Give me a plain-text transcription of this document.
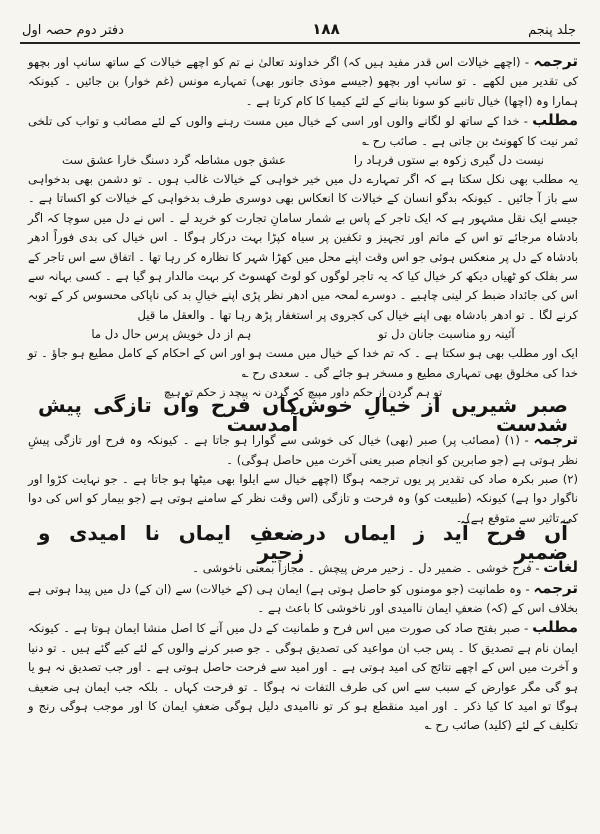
جلد پنجم
۱۸۸
دفتر دوم حصہ اول

ترجمہ - (اچھے خیالات اس قدر مفید ہیں کہ) اگر خداوند تعالیٰ نے تم کو اچھے خیالات کے ساتھ سانپ اور بچھو کی تقدیر میں لکھے ۔ تو سانپ اور بچھو (جیسے موذی جانور بھی) تمہارے مونس (غم خوار) بن جائیں ۔ کیونکہ ہمارا وہ (اچھا) خیال تانبے کو سونا بنانے کے لئے کیمیا کا کام کرتا ہے ۔

مطلب - خدا کے ساتھ لو لگانے والوں اور اسی کے خیال میں مست رہنے والوں کے لئے مصائب و تواب کی تلخی ثمر نیت کا کھونٹ بن جاتی ہے ۔ صائب رح ؎

نیست دل گیری زکوہ بے ستوں فرہاد را
عشق جوں مشاطہ گرد دسنگ خارا عشق ست

یہ مطلب بھی نکل سکتا ہے کہ اگر تمہارے دل میں خیر خواہی کے خیالات غالب ہوں ۔ تو دشمن بھی بدخواہی سے باز آ جائیں ۔ کیونکہ بدگو انسان کے خیالات کا انعکاس بھی دوسری طرف بدخواہی کے خیالات کو اکساتا ہے ۔ جیسے ایک نقل مشہور ہے کہ ایک تاجر کے پاس بے شمار سامانِ تجارت کو خرید لے ۔ اس نے دل میں سوچا کہ اگر بادشاہ مرجائے تو اس کے ماتم اور تجہیز و تکفین پر سیاہ کپڑا بہت درکار ہوگا ۔ اس خیال کی بدی فوراً ادھر بادشاہ کے دل پر منعکس ہوئی جو اس وقت اپنے محل میں کھڑا شہر کا نظارہ کر رہا تھا ۔ اتفاق سے اس تاجر کے سر بفلک کو ٹھیاں دیکھ کر خیال کیا کہ یہ تاجر لوگوں کو لوٹ کھسوٹ کر بہت مالدار ہو گیا ہے ۔ کسی بہانہ سے اس کی جائداد ضبط کر لینی چاہیے ۔ دوسرے لمحہ میں ادھر نظر پڑی اپنے خیالِ بد کی ناپاکی محسوس کر کے توبہ کرنے لگا ۔ تو ادھر بادشاہ بھی اپنے خیال کی کجروی پر استغفار پڑھ رہا تھا ۔ والعقل ما قیل

آئینہ رو مناسبت جانان دل تو
ہم از دل خویش پرس حال دل ما

ایک اور مطلب بھی ہو سکتا ہے ۔ کہ تم خدا کے خیال میں مست ہو اور اس کے احکام کے کامل مطیع ہو جاؤ ۔ تو خدا کی مخلوق بھی تمہاری مطیع و مسخر ہو جائے گی ۔ سعدی رح ؎

تو ہم گردن از حکم داور مپیچ کہ گردن نہ پیچد ز حکم تو ہیچ
صبر شیریں از خیالِ خوش شدست
کاں فرح واں تازگی پیش آمدست

ترجمہ - (۱) (مصائب پر) صبر (بھی) خیال کی خوشی سے گوارا ہو جاتا ہے ۔ کیونکہ وہ فرح اور تازگی پیشِ نظر ہوتی ہے (جو صابرین کو انجام صبر یعنی آخرت میں حاصل ہوگی) ۔

(۲) صبر بکرہ صاد کی تقدیر پر یوں ترجمہ ہوگا (اچھے خیال سے ایلوا بھی میٹھا ہو جاتا ہے ۔ جو نہایت کڑوا اور ناگوار دوا ہے) کیونکہ (طبیعت کو) وہ فرحت و تازگی (اس وقت نظر کے سامنے ہوتی ہے (جو بیمار کو اس کی دوا کی تاثیر سے متوقع ہے) ۔

آں فرح آید ز ایماں در ضمیر
ضعفِ ایماں نا امیدی و زحیر

لغات - فرح خوشی ۔ ضمیر دل ۔ زحیر مرض پیچش ۔ مجازاً بمعنی ناخوشی ۔

ترجمہ - وہ طمانیت (جو مومنوں کو حاصل ہوتی ہے) ایمان ہی (کے خیالات) سے (ان کے) دل میں پیدا ہوتی ہے بخلاف اس کے (کہ) ضعفِ ایمان ناامیدی اور ناخوشی کا باعث ہے ۔

مطلب - صبر بفتح صاد کی صورت میں اس فرح و طمانیت کے دل میں آنے کا اصل منشا ایمان ہوتا ہے ۔ کیونکہ ایمان نام ہے تصدیق کا ۔ پس جب ان مواعید کی تصدیق ہوگی ۔ جو صبر کرنے والوں کے لئے کیے گئے ہیں ۔ تو دنیا و آخرت میں اس کے اچھے نتائج کی امید ہوتی ہے ۔ اور امید سے فرحت حاصل ہوتی ہے ۔ اور جب تصدیق نہ ہو یا ہو گی مگر عوارض کے سبب سے اس کی طرف التفات نہ ہوگا ۔ تو فرحت کہاں ۔ بلکہ جب ایمان ہی ضعیف ہوگا تو امید کا کیا ذکر ۔ اور امید منقطع ہو کر تو ناامیدی دلیل ہوگی ضعفِ ایمان کا اور موجب ہوگی رنج و تکلیف کے لئے (کلید) صائب رح ؎
